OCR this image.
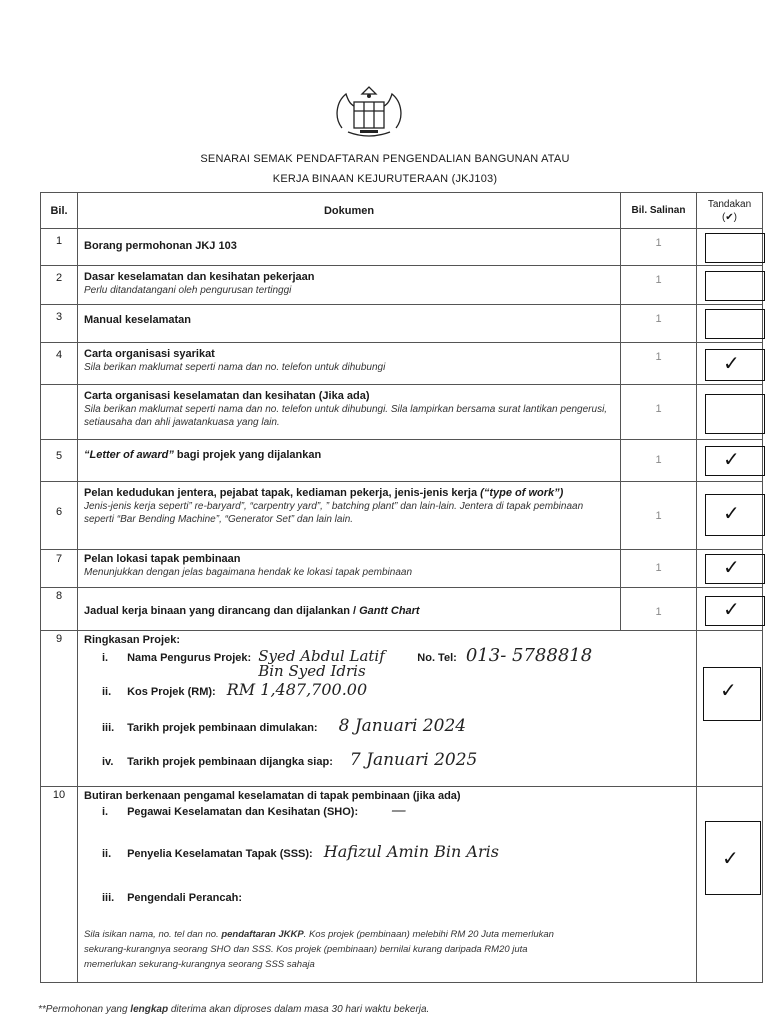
SENARAI SEMAK PENDAFTARAN PENGENDALIAN BANGUNAN ATAU
KERJA BINAAN KEJURUTERAAN (JKJ103)
Bil.	Dokumen	Bil. Salinan	Tandakan
(✔)
1	Borang permohonan JKJ 103	1	

2	Dasar keselamatan dan kesihatan pekerjaan
Perlu ditandatangani oleh pengurusan tertinggi	1	

3	Manual keselamatan	1	

4	Carta organisasi syarikat
Sila berikan maklumat seperti nama dan no. telefon untuk dihubungi	1	✓

	Carta organisasi keselamatan dan kesihatan (Jika ada)
Sila berikan maklumat seperti nama dan no. telefon untuk dihubungi. Sila lampirkan bersama surat lantikan pengerusi, setiausaha dan ahli jawatankuasa yang lain.	1	

5	“Letter of award” bagi projek yang dijalankan	1	✓

6	Pelan kedudukan jentera, pejabat tapak, kediaman pekerja, jenis-jenis kerja (“type of work”)
Jenis-jenis kerja seperti” re-baryard”, “carpentry yard”, ” batching plant” dan lain-lain. Jentera di tapak pembinaan seperti “Bar Bending Machine”, “Generator Set” dan lain lain.	1	✓

7	Pelan lokasi tapak pembinaan
Menunjukkan dengan jelas bagaimana hendak ke lokasi tapak pembinaan	1	✓

8	Jadual kerja binaan yang dirancang dan dijalankan / Gantt Chart	1	✓

9	Ringkasan Projek:
i. Nama Pengurus Projek: Syed Abdul Latif Bin Syed Idris No. Tel: 013- 5788818
ii. Kos Projek (RM): RM 1,487,700.00
iii. Tarikh projek pembinaan dimulakan: 8 Januari 2024
iv. Tarikh projek pembinaan dijangka siap: 7 Januari 2025		✓

10	Butiran berkenaan pengamal keselamatan di tapak pembinaan (jika ada)
i. Pegawai Keselamatan dan Kesihatan (SHO): —
ii. Penyelia Keselamatan Tapak (SSS): Hafizul Amin Bin Aris
iii. Pengendali Perancah:
Sila isikan nama, no. tel dan no. pendaftaran JKKP. Kos projek (pembinaan) melebihi RM 20 Juta memerlukan sekurang-kurangnya seorang SHO dan SSS. Kos projek (pembinaan) bernilai kurang daripada RM20 juta memerlukan sekurang-kurangnya seorang SSS sahaja		✓
**Permohonan yang lengkap diterima akan diproses dalam masa 30 hari waktu bekerja.
